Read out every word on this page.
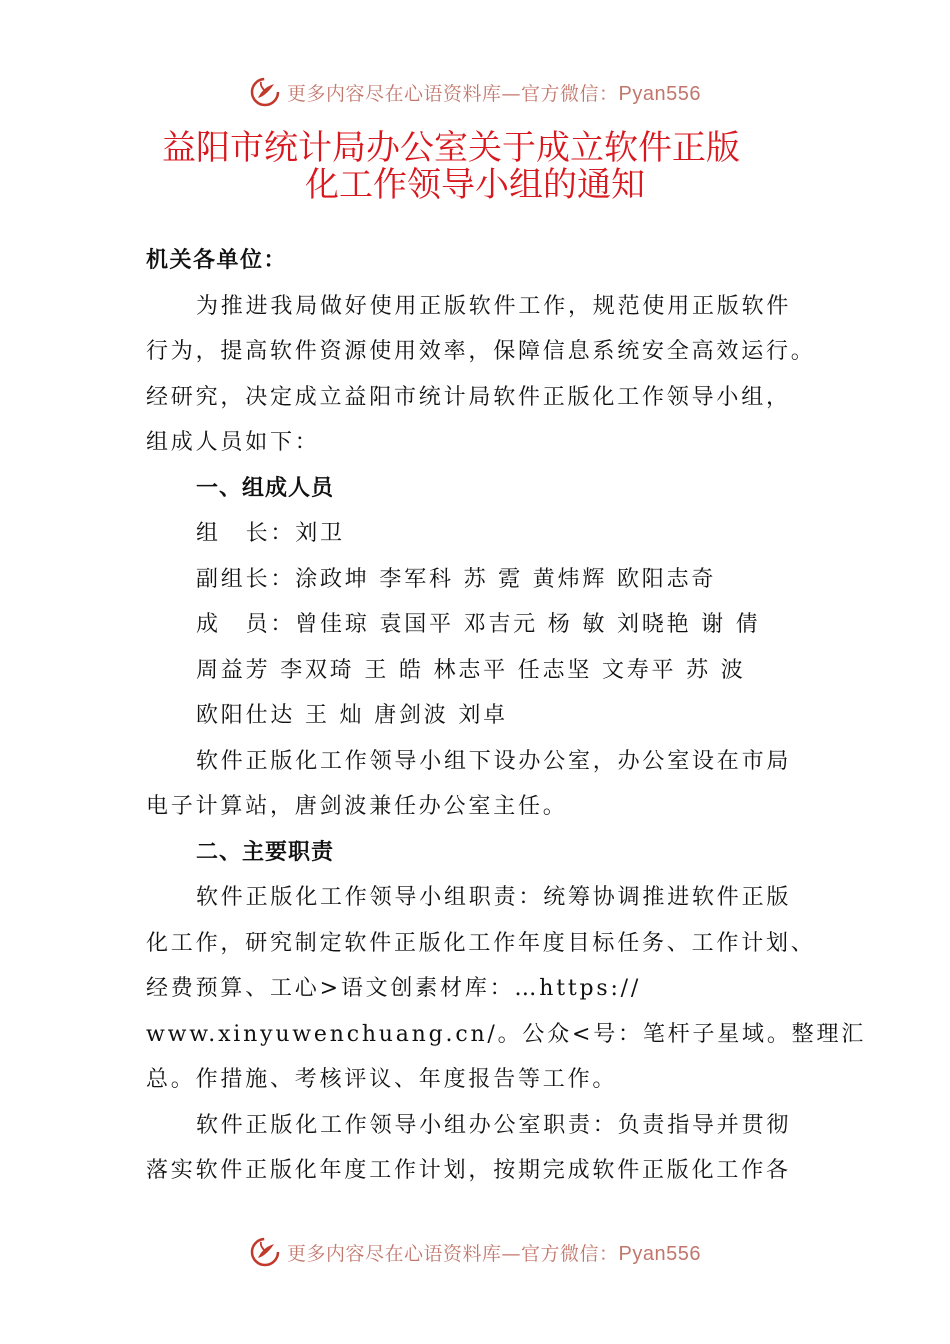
更多内容尽在心语资料库—官方微信：Pyan556
益阳市统计局办公室关于成立软件正版
化工作领导小组的通知
机关各单位：
为推进我局做好使用正版软件工作，规范使用正版软件
行为，提高软件资源使用效率，保障信息系统安全高效运行。
经研究，决定成立益阳市统计局软件正版化工作领导小组，
组成人员如下：
一、组成人员
组　长：刘卫
副组长：涂政坤 李军科 苏 霓 黄炜辉 欧阳志奇
成　员：曾佳琼 袁国平 邓吉元 杨 敏 刘晓艳 谢 倩
周益芳 李双琦 王 皓 林志平 任志坚 文寿平 苏 波
欧阳仕达 王 灿 唐剑波 刘卓
软件正版化工作领导小组下设办公室，办公室设在市局
电子计算站，唐剑波兼任办公室主任。
二、主要职责
软件正版化工作领导小组职责：统筹协调推进软件正版
化工作，研究制定软件正版化工作年度目标任务、工作计划、
经费预算、工心>语文创素材库：…https://
www.xinyuwenchuang.cn/。公众<号：笔杆子星域。整理汇
总。作措施、考核评议、年度报告等工作。
软件正版化工作领导小组办公室职责：负责指导并贯彻
落实软件正版化年度工作计划，按期完成软件正版化工作各
更多内容尽在心语资料库—官方微信：Pyan556
